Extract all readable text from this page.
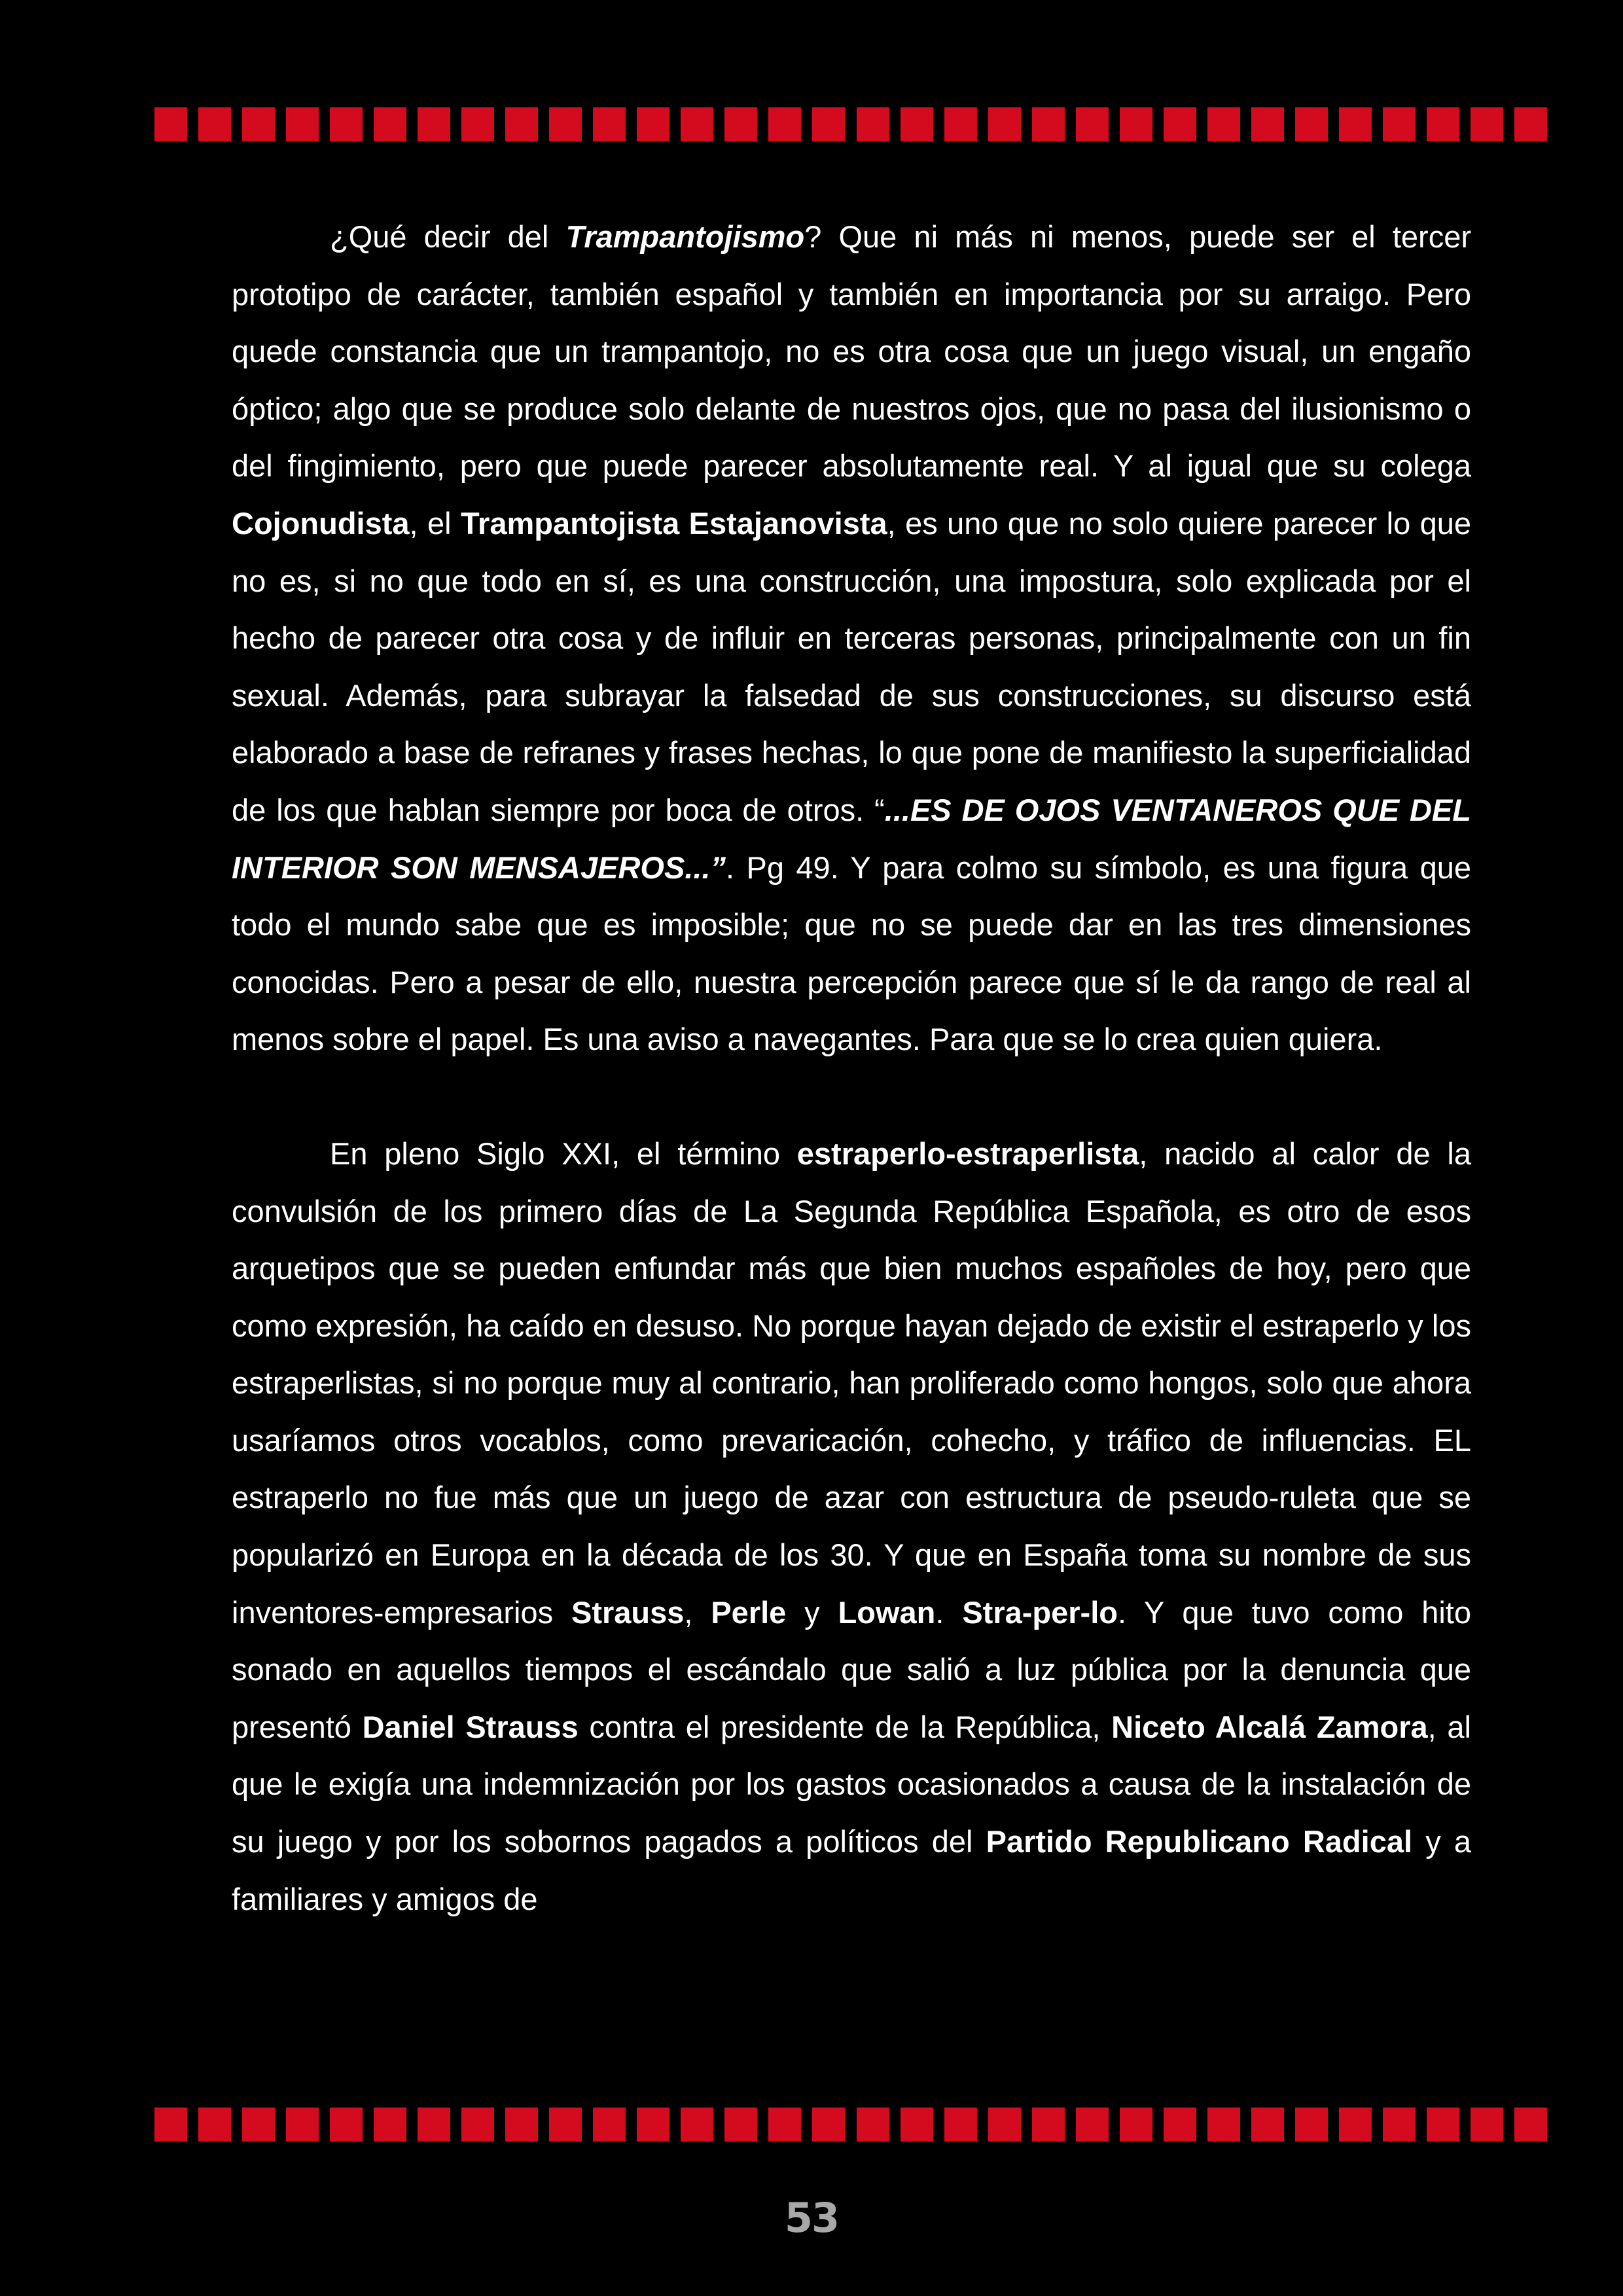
¿Qué decir del Trampantojismo? Que ni más ni menos, puede ser el tercer prototipo de carácter, también español y también en importancia por su arraigo. Pero quede constancia que un trampantojo, no es otra cosa que un juego visual, un engaño óptico; algo que se produce solo delante de nuestros ojos, que no pasa del ilusionismo o del fingimiento, pero que puede parecer absolutamente real. Y al igual que su colega Cojonudista, el Trampantojista Estajanovista, es uno que no solo quiere parecer lo que no es, si no que todo en sí, es una construcción, una impostura, solo explicada por el hecho de parecer otra cosa y de influir en terceras personas, principalmente con un fin sexual. Además, para subrayar la falsedad de sus construcciones, su discurso está elaborado a base de refranes y frases hechas, lo que pone de manifiesto la superficialidad de los que hablan siempre por boca de otros. “...ES DE OJOS VENTANEROS QUE DEL INTERIOR SON MENSAJEROS...”. Pg 49. Y para colmo su símbolo, es una figura que todo el mundo sabe que es imposible; que no se puede dar en las tres dimensiones conocidas. Pero a pesar de ello, nuestra percepción parece que sí le da rango de real al menos sobre el papel. Es una aviso a navegantes. Para que se lo crea quien quiera.

En pleno Siglo XXI, el término estraperlo-estraperlista, nacido al calor de la convulsión de los primero días de La Segunda República Española, es otro de esos arquetipos que se pueden enfundar más que bien muchos españoles de hoy, pero que como expresión, ha caído en desuso. No porque hayan dejado de existir el estraperlo y los estraperlistas, si no porque muy al contrario, han proliferado como hongos, solo que ahora usaríamos otros vocablos, como prevaricación, cohecho, y tráfico de influencias. EL estraperlo no fue más que un juego de azar con estructura de pseudo-ruleta que se popularizó en Europa en la década de los 30. Y que en España toma su nombre de sus inventores-empresarios Strauss, Perle y Lowan. Stra-per-lo. Y que tuvo como hito sonado en aquellos tiempos el escándalo que salió a luz pública por la denuncia que presentó Daniel Strauss contra el presidente de la República, Niceto Alcalá Zamora, al que le exigía una indemnización por los gastos ocasionados a causa de la instalación de su juego y por los sobornos pagados a políticos del Partido Republicano Radical y a familiares y amigos de

53
